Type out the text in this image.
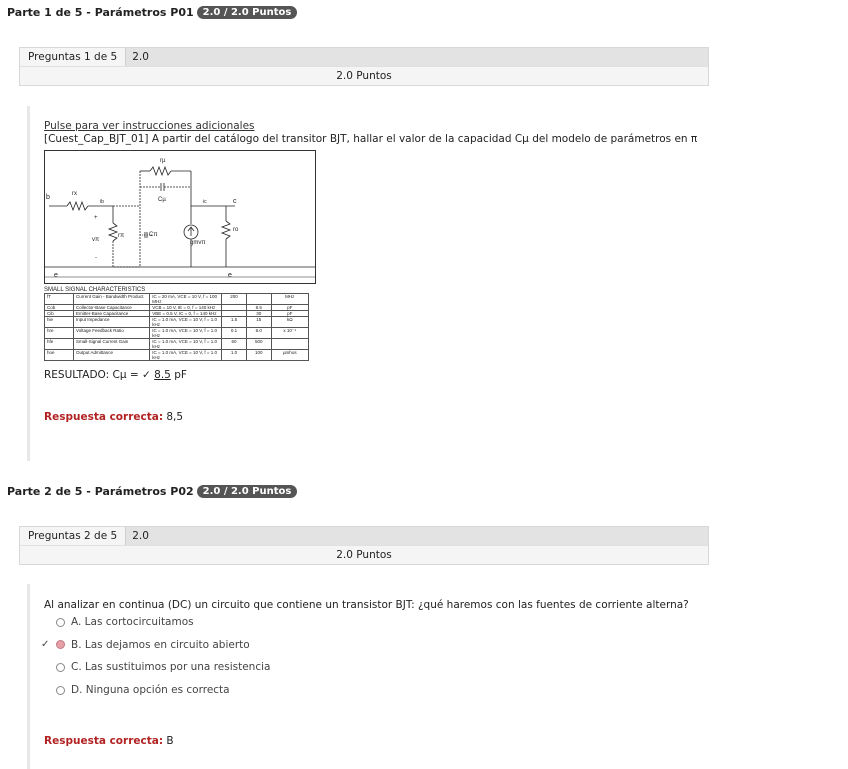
Parte 1 de 5 - Parámetros P01 2.0 / 2.0 Puntos
Preguntas 1 de 5	2.0
2.0 Puntos
Pulse para ver instrucciones adicionales
[Cuest_Cap_BJT_01] A partir del catálogo del transitor BJT, hallar el valor de la capacidad Cµ del modelo de parámetros en π
b
c
e	e
rx
ib	ic
rµ
Cµ
vπ
rπ	Cπ
gmvπ
ro
+
-
SMALL SIGNAL CHARACTERISTICS
fT	Current Gain - Bandwidth Product	IC = 20 mA, VCE = 10 V, f = 100 MHz	200		MHz
Cob	Collector-Base Capacitance	VCB = 10 V, IE = 0, f = 140 kHz		8.5	pF
Cib	Emitter-Base Capacitance	VBE = 0.5 V, IC = 0, f = 140 kHz		30	pF
hie	Input Impedance	IC = 1.0 mA, VCE = 10 V, f = 1.0 kHz	1.5	15	kΩ
hre	Voltage Feedback Ratio	IC = 1.0 mA, VCE = 10 V, f = 1.0 kHz	0.1	8.0	x 10⁻⁴
hfe	Small-Signal Current Gain	IC = 1.0 mA, VCE = 10 V, f = 1.0 kHz	60	500	
hoe	Output Admittance	IC = 1.0 mA, VCE = 10 V, f = 1.0 kHz	1.0	100	µmhos
RESULTADO: Cµ = ✓ 8.5 pF
Respuesta correcta: 8,5
Parte 2 de 5 - Parámetros P02 2.0 / 2.0 Puntos
Preguntas 2 de 5	2.0
2.0 Puntos
Al analizar en continua (DC) un circuito que contiene un transistor BJT: ¿qué haremos con las fuentes de corriente alterna?
A. Las cortocircuitamos
✓ B. Las dejamos en circuito abierto
C. Las sustituimos por una resistencia
D. Ninguna opción es correcta
Respuesta correcta: B
